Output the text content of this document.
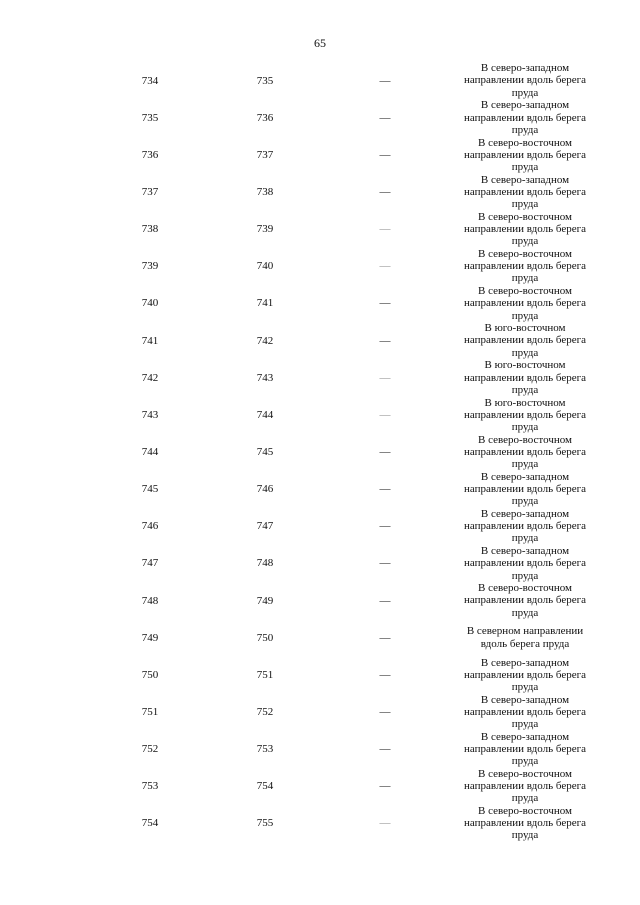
65
734	735	—
В северо-западном направлении вдоль берега пруда
735	736	—
В северо-западном направлении вдоль берега пруда
736	737	—
В северо-восточном направлении вдоль берега пруда
737	738	—
В северо-западном направлении вдоль берега пруда
738	739	—
В северо-восточном направлении вдоль берега пруда
739	740	—
В северо-восточном направлении вдоль берега пруда
740	741	—
В северо-восточном направлении вдоль берега пруда
741	742	—
В юго-восточном направлении вдоль берега пруда
742	743	—
В юго-восточном направлении вдоль берега пруда
743	744	—
В юго-восточном направлении вдоль берега пруда
744	745	—
В северо-восточном направлении вдоль берега пруда
745	746	—
В северо-западном направлении вдоль берега пруда
746	747	—
В северо-западном направлении вдоль берега пруда
747	748	—
В северо-западном направлении вдоль берега пруда
748	749	—
В северо-восточном направлении вдоль берега пруда
749	750	—
В северном направлении вдоль берега пруда
750	751	—
В северо-западном направлении вдоль берега пруда
751	752	—
В северо-западном направлении вдоль берега пруда
752	753	—
В северо-западном направлении вдоль берега пруда
753	754	—
В северо-восточном направлении вдоль берега пруда
754	755	—
В северо-восточном направлении вдоль берега пруда
